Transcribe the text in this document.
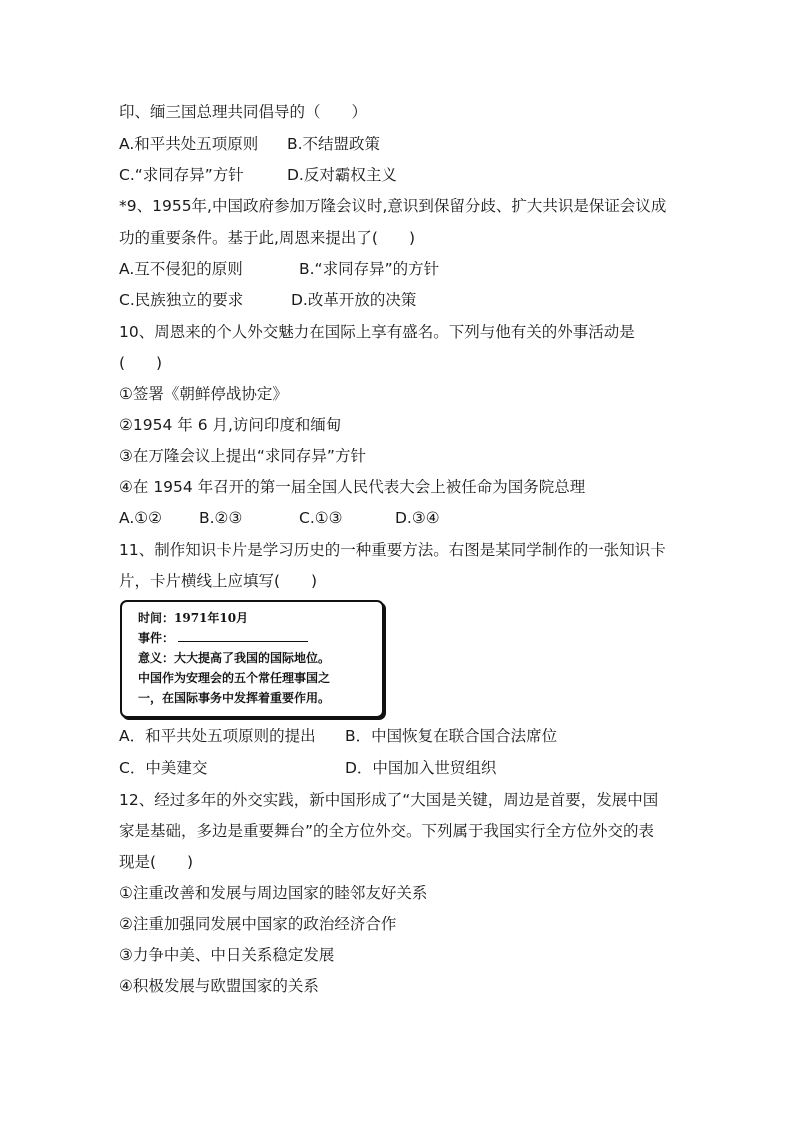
印、缅三国总理共同倡导的（　　）
A.和平共处五项原则 B.不结盟政策
C.“求同存异”方针	D.反对霸权主义
*9、1955年,中国政府参加万隆会议时,意识到保留分歧、扩大共识是保证会议成
功的重要条件。基于此,周恩来提出了(　　)
A.互不侵犯的原则	B.“求同存异”的方针
C.民族独立的要求	D.改革开放的决策
10、周恩来的个人外交魅力在国际上享有盛名。下列与他有关的外事活动是
(　　)
①签署《朝鲜停战协定》
②1954 年 6 月,访问印度和缅甸
③在万隆会议上提出“求同存异”方针
④在 1954 年召开的第一届全国人民代表大会上被任命为国务院总理
A.①② B.②③	C.①③	D.③④
11、制作知识卡片是学习历史的一种重要方法。右图是某同学制作的一张知识卡
片，卡片横线上应填写(　　)
时间：1971年10月
事件：
意义：大大提高了我国的国际地位。
中国作为安理会的五个常任理事国之
一，在国际事务中发挥着重要作用。
A．和平共处五项原则的提出 B．中国恢复在联合国合法席位
C．中美建交	D．中国加入世贸组织
12、经过多年的外交实践，新中国形成了“大国是关键，周边是首要，发展中国
家是基础，多边是重要舞台”的全方位外交。下列属于我国实行全方位外交的表
现是(　　)
①注重改善和发展与周边国家的睦邻友好关系
②注重加强同发展中国家的政治经济合作
③力争中美、中日关系稳定发展
④积极发展与欧盟国家的关系
